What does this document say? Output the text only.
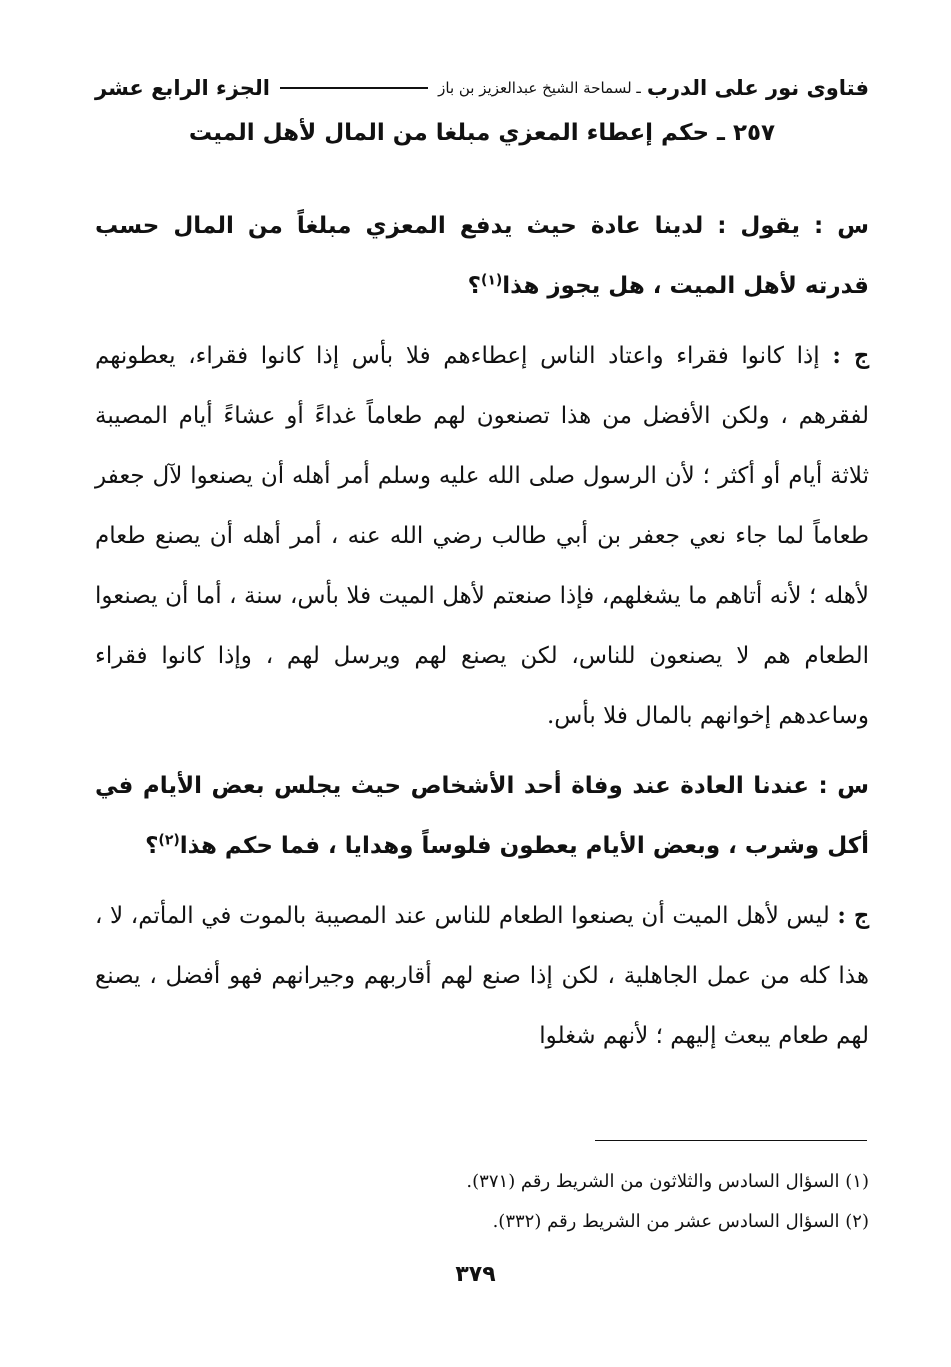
فتاوى نور على الدرب
ـ لسماحة الشيخ عبدالعزيز بن باز
الجزء الرابع عشر
٢٥٧ ـ حكم إعطاء المعزي مبلغا من المال لأهل الميت

س : يقول : لدينا عادة حيث يدفع المعزي مبلغاً من المال حسب قدرته لأهل الميت ، هل يجوز هذا$^{(١)}$؟

ج : إذا كانوا فقراء واعتاد الناس إعطاءهم فلا بأس إذا كانوا فقراء، يعطونهم لفقرهم ، ولكن الأفضل من هذا تصنعون لهم طعاماً غداءً أو عشاءً أيام المصيبة ثلاثة أيام أو أكثر ؛ لأن الرسول صلى الله عليه وسلم أمر أهله أن يصنعوا لآل جعفر طعاماً لما جاء نعي جعفر بن أبي طالب رضي الله عنه ، أمر أهله أن يصنع طعام لأهله ؛ لأنه أتاهم ما يشغلهم، فإذا صنعتم لأهل الميت فلا بأس، سنة ، أما أن يصنعوا الطعام هم لا يصنعون للناس، لكن يصنع لهم ويرسل لهم ، وإذا كانوا فقراء وساعدهم إخوانهم بالمال فلا بأس.

س : عندنا العادة عند وفاة أحد الأشخاص حيث يجلس بعض الأيام في أكل وشرب ، وبعض الأيام يعطون فلوساً وهدايا ، فما حكم هذا$^{(٢)}$؟

ج : ليس لأهل الميت أن يصنعوا الطعام للناس عند المصيبة بالموت في المأتم، لا ، هذا كله من عمل الجاهلية ، لكن إذا صنع لهم أقاربهم وجيرانهم فهو أفضل ، يصنع لهم طعام يبعث إليهم ؛ لأنهم شغلوا

(١) السؤال السادس والثلاثون من الشريط رقم (٣٧١).

(٢) السؤال السادس عشر من الشريط رقم (٣٣٢).

٣٧٩
